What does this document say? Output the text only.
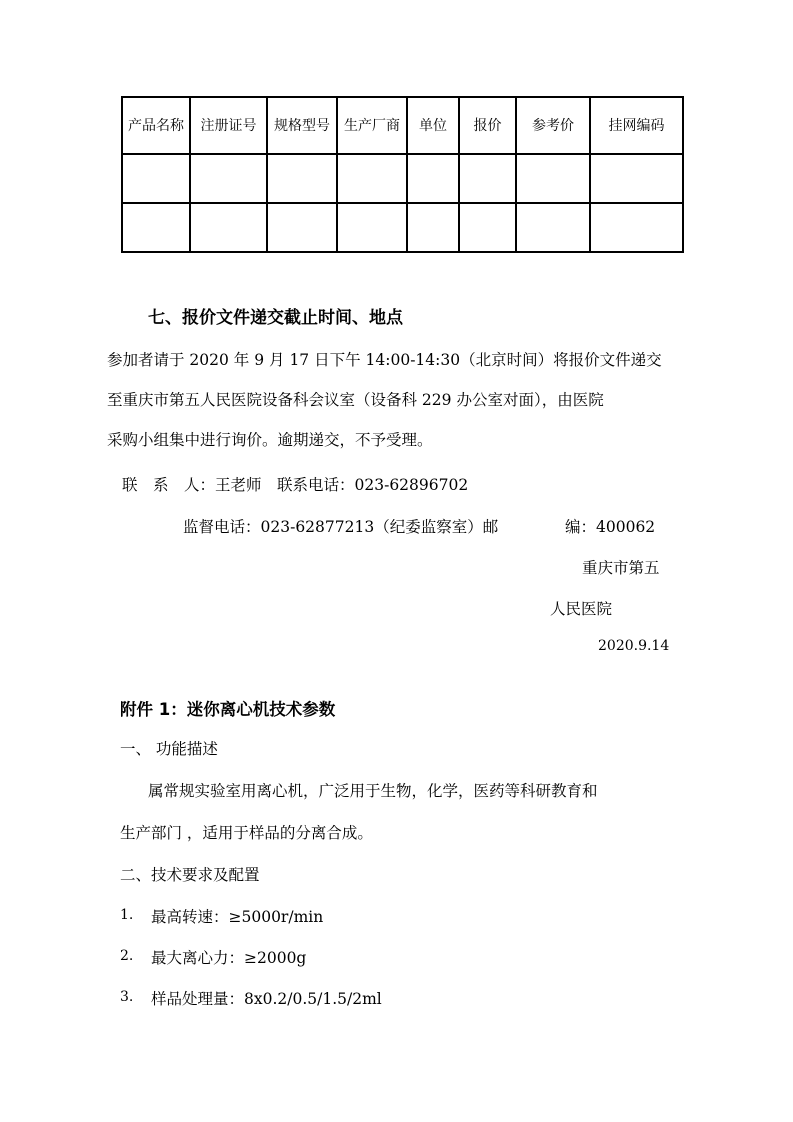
产品名称	注册证号	规格型号	生产厂商	单位	报价	参考价	挂网编码

七、报价文件递交截止时间、地点
参加者请于 2020 年 9 月 17 日下午 14:00-14:30（北京时间）将报价文件递交
至重庆市第五人民医院设备科会议室（设备科 229 办公室对面），由医院
采购小组集中进行询价。逾期递交，不予受理。
联　系　人：王老师　联系电话：023-62896702
监督电话：023-62877213（纪委监察室）邮	编：400062
重庆市第五
人民医院
2020.9.14
附件 1：迷你离心机技术参数
一、 功能描述
属常规实验室用离心机，广泛用于生物，化学，医药等科研教育和
生产部门 ，适用于样品的分离合成。
二、技术要求及配置
1. 最高转速：≥5000r/min
2. 最大离心力：≥2000g
3. 样品处理量：8x0.2/0.5/1.5/2ml
